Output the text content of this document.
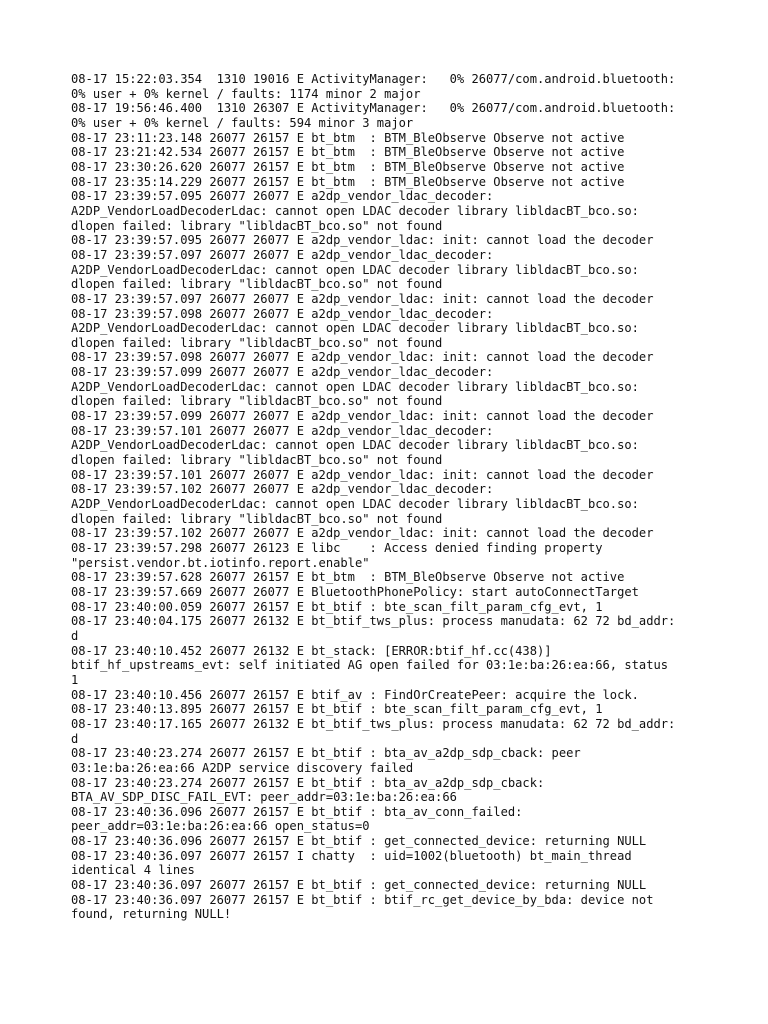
08-17 15:22:03.354  1310 19016 E ActivityManager:   0% 26077/com.android.bluetooth:
0% user + 0% kernel / faults: 1174 minor 2 major
08-17 19:56:46.400  1310 26307 E ActivityManager:   0% 26077/com.android.bluetooth:
0% user + 0% kernel / faults: 594 minor 3 major
08-17 23:11:23.148 26077 26157 E bt_btm  : BTM_BleObserve Observe not active
08-17 23:21:42.534 26077 26157 E bt_btm  : BTM_BleObserve Observe not active
08-17 23:30:26.620 26077 26157 E bt_btm  : BTM_BleObserve Observe not active
08-17 23:35:14.229 26077 26157 E bt_btm  : BTM_BleObserve Observe not active
08-17 23:39:57.095 26077 26077 E a2dp_vendor_ldac_decoder:
A2DP_VendorLoadDecoderLdac: cannot open LDAC decoder library libldacBT_bco.so:
dlopen failed: library "libldacBT_bco.so" not found
08-17 23:39:57.095 26077 26077 E a2dp_vendor_ldac: init: cannot load the decoder
08-17 23:39:57.097 26077 26077 E a2dp_vendor_ldac_decoder:
A2DP_VendorLoadDecoderLdac: cannot open LDAC decoder library libldacBT_bco.so:
dlopen failed: library "libldacBT_bco.so" not found
08-17 23:39:57.097 26077 26077 E a2dp_vendor_ldac: init: cannot load the decoder
08-17 23:39:57.098 26077 26077 E a2dp_vendor_ldac_decoder:
A2DP_VendorLoadDecoderLdac: cannot open LDAC decoder library libldacBT_bco.so:
dlopen failed: library "libldacBT_bco.so" not found
08-17 23:39:57.098 26077 26077 E a2dp_vendor_ldac: init: cannot load the decoder
08-17 23:39:57.099 26077 26077 E a2dp_vendor_ldac_decoder:
A2DP_VendorLoadDecoderLdac: cannot open LDAC decoder library libldacBT_bco.so:
dlopen failed: library "libldacBT_bco.so" not found
08-17 23:39:57.099 26077 26077 E a2dp_vendor_ldac: init: cannot load the decoder
08-17 23:39:57.101 26077 26077 E a2dp_vendor_ldac_decoder:
A2DP_VendorLoadDecoderLdac: cannot open LDAC decoder library libldacBT_bco.so:
dlopen failed: library "libldacBT_bco.so" not found
08-17 23:39:57.101 26077 26077 E a2dp_vendor_ldac: init: cannot load the decoder
08-17 23:39:57.102 26077 26077 E a2dp_vendor_ldac_decoder:
A2DP_VendorLoadDecoderLdac: cannot open LDAC decoder library libldacBT_bco.so:
dlopen failed: library "libldacBT_bco.so" not found
08-17 23:39:57.102 26077 26077 E a2dp_vendor_ldac: init: cannot load the decoder
08-17 23:39:57.298 26077 26123 E libc    : Access denied finding property
"persist.vendor.bt.iotinfo.report.enable"
08-17 23:39:57.628 26077 26157 E bt_btm  : BTM_BleObserve Observe not active
08-17 23:39:57.669 26077 26077 E BluetoothPhonePolicy: start autoConnectTarget
08-17 23:40:00.059 26077 26157 E bt_btif : bte_scan_filt_param_cfg_evt, 1
08-17 23:40:04.175 26077 26132 E bt_btif_tws_plus: process manudata: 62 72 bd_addr:
d
08-17 23:40:10.452 26077 26132 E bt_stack: [ERROR:btif_hf.cc(438)]
btif_hf_upstreams_evt: self initiated AG open failed for 03:1e:ba:26:ea:66, status
1
08-17 23:40:10.456 26077 26157 E btif_av : FindOrCreatePeer: acquire the lock.
08-17 23:40:13.895 26077 26157 E bt_btif : bte_scan_filt_param_cfg_evt, 1
08-17 23:40:17.165 26077 26132 E bt_btif_tws_plus: process manudata: 62 72 bd_addr:
d
08-17 23:40:23.274 26077 26157 E bt_btif : bta_av_a2dp_sdp_cback: peer
03:1e:ba:26:ea:66 A2DP service discovery failed
08-17 23:40:23.274 26077 26157 E bt_btif : bta_av_a2dp_sdp_cback:
BTA_AV_SDP_DISC_FAIL_EVT: peer_addr=03:1e:ba:26:ea:66
08-17 23:40:36.096 26077 26157 E bt_btif : bta_av_conn_failed:
peer_addr=03:1e:ba:26:ea:66 open_status=0
08-17 23:40:36.096 26077 26157 E bt_btif : get_connected_device: returning NULL
08-17 23:40:36.097 26077 26157 I chatty  : uid=1002(bluetooth) bt_main_thread
identical 4 lines
08-17 23:40:36.097 26077 26157 E bt_btif : get_connected_device: returning NULL
08-17 23:40:36.097 26077 26157 E bt_btif : btif_rc_get_device_by_bda: device not
found, returning NULL!
